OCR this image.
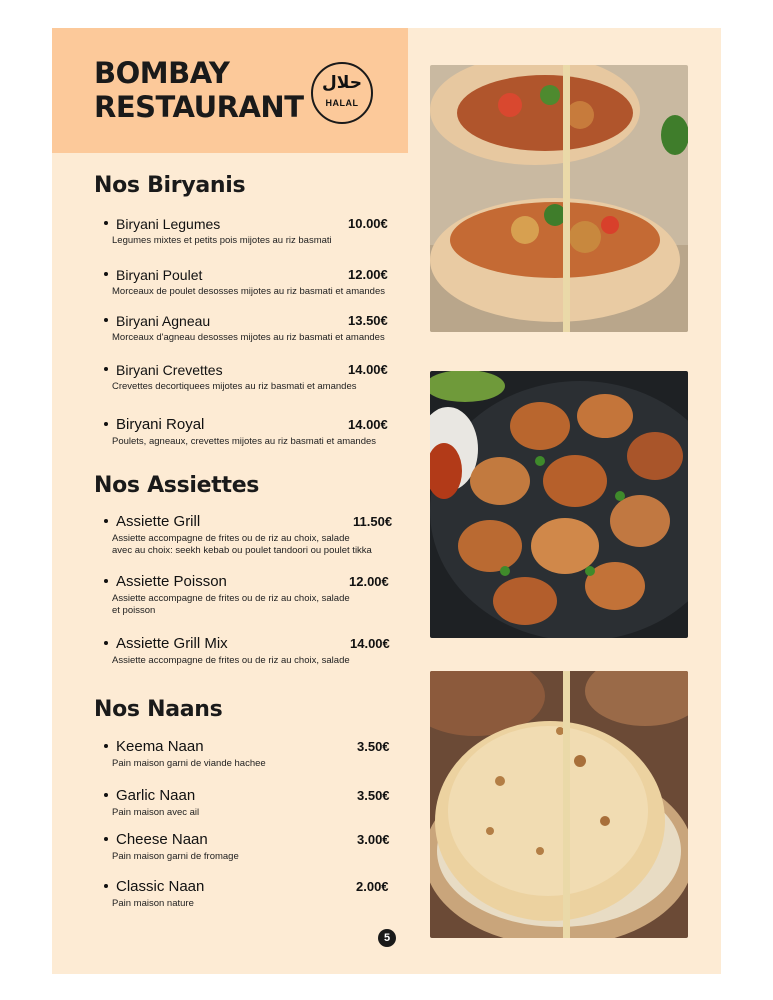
BOMBAY
RESTAURANT
حلال
HALAL
Nos Biryanis
Biryani Legumes	10.00€
Legumes mixtes et petits pois mijotes au riz basmati
Biryani Poulet	12.00€
Morceaux de poulet desosses mijotes au riz basmati et amandes
Biryani Agneau	13.50€
Morceaux d'agneau desosses mijotes au riz basmati et amandes
Biryani Crevettes	14.00€
Crevettes decortiquees mijotes au riz basmati et amandes
Biryani Royal	14.00€
Poulets, agneaux, crevettes mijotes au riz basmati et amandes
Nos Assiettes
Assiette Grill	11.50€
Assiette accompagne de frites ou de riz au choix, salade
avec au choix: seekh kebab ou poulet tandoori ou poulet tikka
Assiette Poisson	12.00€
Assiette accompagne de frites ou de riz au choix, salade
et poisson
Assiette Grill Mix	14.00€
Assiette accompagne de frites ou de riz au choix, salade
Nos Naans
Keema Naan	3.50€
Pain maison garni de viande hachee
Garlic Naan	3.50€
Pain maison avec ail
Cheese Naan	3.00€
Pain maison garni de fromage
Classic Naan	2.00€
Pain maison nature
5
